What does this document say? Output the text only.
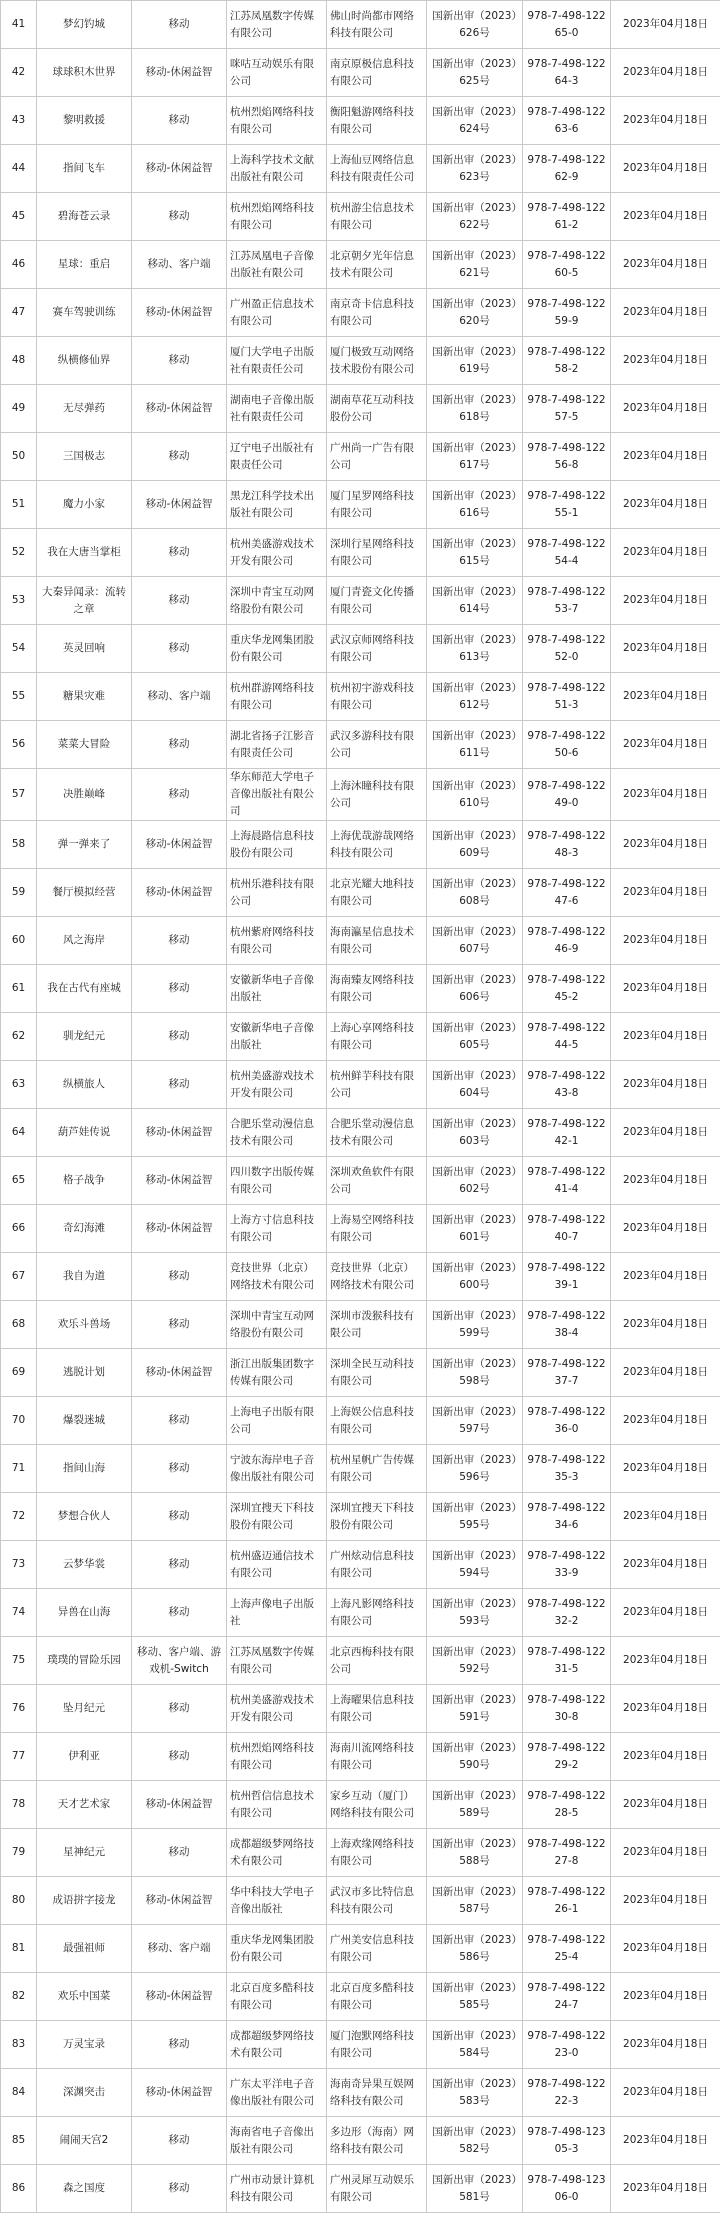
41	梦幻钓城	移动	江苏凤凰数字传媒有限公司	佛山时尚都市网络科技有限公司	国新出审（2023）626号	978-7-498-12265-0	2023年04月18日
42	球球积木世界	移动-休闲益智	咪咕互动娱乐有限公司	南京原极信息科技有限公司	国新出审（2023）625号	978-7-498-12264-3	2023年04月18日
43	黎明救援	移动	杭州烈焰网络科技有限公司	衡阳魁游网络科技有限公司	国新出审（2023）624号	978-7-498-12263-6	2023年04月18日
44	指间飞车	移动-休闲益智	上海科学技术文献出版社有限公司	上海仙豆网络信息科技有限责任公司	国新出审（2023）623号	978-7-498-12262-9	2023年04月18日
45	碧海苍云录	移动	杭州烈焰网络科技有限公司	杭州游尘信息技术有限公司	国新出审（2023）622号	978-7-498-12261-2	2023年04月18日
46	星球：重启	移动、客户端	江苏凤凰电子音像出版社有限公司	北京朝夕光年信息技术有限公司	国新出审（2023）621号	978-7-498-12260-5	2023年04月18日
47	赛车驾驶训练	移动-休闲益智	广州盈正信息技术有限公司	南京奇卡信息科技有限公司	国新出审（2023）620号	978-7-498-12259-9	2023年04月18日
48	纵横修仙界	移动	厦门大学电子出版社有限责任公司	厦门极致互动网络技术股份有限公司	国新出审（2023）619号	978-7-498-12258-2	2023年04月18日
49	无尽弹药	移动-休闲益智	湖南电子音像出版社有限责任公司	湖南草花互动科技股份公司	国新出审（2023）618号	978-7-498-12257-5	2023年04月18日
50	三国极志	移动	辽宁电子出版社有限责任公司	广州尚一广告有限公司	国新出审（2023）617号	978-7-498-12256-8	2023年04月18日
51	魔力小家	移动-休闲益智	黑龙江科学技术出版社有限公司	厦门星罗网络科技有限公司	国新出审（2023）616号	978-7-498-12255-1	2023年04月18日
52	我在大唐当掌柜	移动	杭州美盛游戏技术开发有限公司	深圳行星网络科技有限公司	国新出审（2023）615号	978-7-498-12254-4	2023年04月18日
53	大秦异闻录：流转之章	移动	深圳中青宝互动网络股份有限公司	厦门青瓷文化传播有限公司	国新出审（2023）614号	978-7-498-12253-7	2023年04月18日
54	英灵回响	移动	重庆华龙网集团股份有限公司	武汉京师网络科技有限公司	国新出审（2023）613号	978-7-498-12252-0	2023年04月18日
55	糖果灾难	移动、客户端	杭州群游网络科技有限公司	杭州初宇游戏科技有限公司	国新出审（2023）612号	978-7-498-12251-3	2023年04月18日
56	菜菜大冒险	移动	湖北省扬子江影音有限责任公司	武汉多游科技有限公司	国新出审（2023）611号	978-7-498-12250-6	2023年04月18日
57	决胜巅峰	移动	华东师范大学电子音像出版社有限公司	上海沐瞳科技有限公司	国新出审（2023）610号	978-7-498-12249-0	2023年04月18日
58	弹一弹来了	移动-休闲益智	上海晨路信息科技股份有限公司	上海优哉游哉网络科技有限公司	国新出审（2023）609号	978-7-498-12248-3	2023年04月18日
59	餐厅模拟经营	移动-休闲益智	杭州乐港科技有限公司	北京光耀大地科技有限公司	国新出审（2023）608号	978-7-498-12247-6	2023年04月18日
60	风之海岸	移动	杭州紫府网络科技有限公司	海南瀛星信息技术有限公司	国新出审（2023）607号	978-7-498-12246-9	2023年04月18日
61	我在古代有座城	移动	安徽新华电子音像出版社	海南臻友网络科技有限公司	国新出审（2023）606号	978-7-498-12245-2	2023年04月18日
62	驯龙纪元	移动	安徽新华电子音像出版社	上海心享网络科技有限公司	国新出审（2023）605号	978-7-498-12244-5	2023年04月18日
63	纵横旅人	移动	杭州美盛游戏技术开发有限公司	杭州鲜芋科技有限公司	国新出审（2023）604号	978-7-498-12243-8	2023年04月18日
64	葫芦娃传说	移动-休闲益智	合肥乐堂动漫信息技术有限公司	合肥乐堂动漫信息技术有限公司	国新出审（2023）603号	978-7-498-12242-1	2023年04月18日
65	格子战争	移动-休闲益智	四川数字出版传媒有限公司	深圳欢鱼软件有限公司	国新出审（2023）602号	978-7-498-12241-4	2023年04月18日
66	奇幻海滩	移动-休闲益智	上海方寸信息科技有限公司	上海易空网络科技有限公司	国新出审（2023）601号	978-7-498-12240-7	2023年04月18日
67	我自为道	移动	竞技世界（北京）网络技术有限公司	竞技世界（北京）网络技术有限公司	国新出审（2023）600号	978-7-498-12239-1	2023年04月18日
68	欢乐斗兽场	移动	深圳中青宝互动网络股份有限公司	深圳市泼猴科技有限公司	国新出审（2023）599号	978-7-498-12238-4	2023年04月18日
69	逃脱计划	移动-休闲益智	浙江出版集团数字传媒有限公司	深圳全民互动科技有限公司	国新出审（2023）598号	978-7-498-12237-7	2023年04月18日
70	爆裂迷城	移动	上海电子出版有限公司	上海娱公信息科技有限公司	国新出审（2023）597号	978-7-498-12236-0	2023年04月18日
71	指间山海	移动	宁波东海岸电子音像出版社有限公司	杭州星帆广告传媒有限公司	国新出审（2023）596号	978-7-498-12235-3	2023年04月18日
72	梦想合伙人	移动	深圳宜搜天下科技股份有限公司	深圳宜搜天下科技股份有限公司	国新出审（2023）595号	978-7-498-12234-6	2023年04月18日
73	云梦华裳	移动	杭州盛迈通信技术有限公司	广州炫动信息科技有限公司	国新出审（2023）594号	978-7-498-12233-9	2023年04月18日
74	异兽在山海	移动	上海声像电子出版社	上海凡影网络科技有限公司	国新出审（2023）593号	978-7-498-12232-2	2023年04月18日
75	璞璞的冒险乐园	移动、客户端、游戏机-Switch	江苏凤凰数字传媒有限公司	北京西梅科技有限公司	国新出审（2023）592号	978-7-498-12231-5	2023年04月18日
76	坠月纪元	移动	杭州美盛游戏技术开发有限公司	上海曜果信息科技有限公司	国新出审（2023）591号	978-7-498-12230-8	2023年04月18日
77	伊利亚	移动	杭州烈焰网络科技有限公司	海南川流网络科技有限公司	国新出审（2023）590号	978-7-498-12229-2	2023年04月18日
78	天才艺术家	移动-休闲益智	杭州哲信信息技术有限公司	家乡互动（厦门）网络科技有限公司	国新出审（2023）589号	978-7-498-12228-5	2023年04月18日
79	星神纪元	移动	成都超级梦网络技术有限公司	上海欢缘网络科技有限公司	国新出审（2023）588号	978-7-498-12227-8	2023年04月18日
80	成语拼字接龙	移动-休闲益智	华中科技大学电子音像出版社	武汉市多比特信息科技有限公司	国新出审（2023）587号	978-7-498-12226-1	2023年04月18日
81	最强祖师	移动、客户端	重庆华龙网集团股份有限公司	广州美安信息科技有限公司	国新出审（2023）586号	978-7-498-12225-4	2023年04月18日
82	欢乐中国菜	移动-休闲益智	北京百度多酷科技有限公司	北京百度多酷科技有限公司	国新出审（2023）585号	978-7-498-12224-7	2023年04月18日
83	万灵宝录	移动	成都超级梦网络技术有限公司	厦门泡默网络科技有限公司	国新出审（2023）584号	978-7-498-12223-0	2023年04月18日
84	深渊突击	移动-休闲益智	广东太平洋电子音像出版社有限公司	海南奇异果互娱网络科技有限公司	国新出审（2023）583号	978-7-498-12222-3	2023年04月18日
85	闹闹天宫2	移动	海南省电子音像出版社有限公司	多边形（海南）网络科技有限公司	国新出审（2023）582号	978-7-498-12305-3	2023年04月18日
86	森之国度	移动	广州市动景计算机科技有限公司	广州灵犀互动娱乐有限公司	国新出审（2023）581号	978-7-498-12306-0	2023年04月18日
